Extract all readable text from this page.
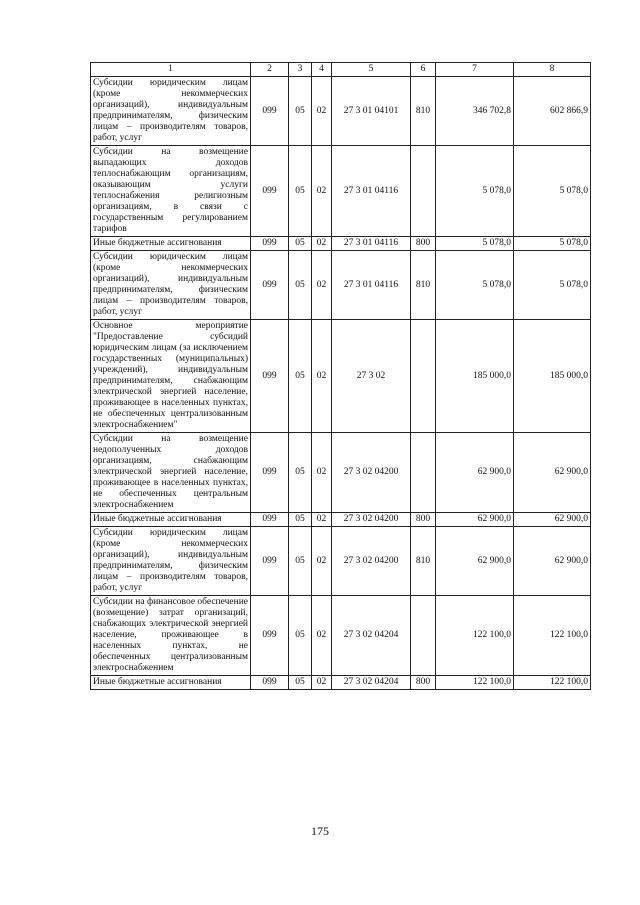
1	2	3	4	5	6	7	8
Субсидии юридическим лицам (кроме некоммерческих организаций), индивидуальным предпринимателям, физическим лицам – производителям товаров, работ, услуг	099	05	02	27 3 01 04101	810	346 702,8	602 866,9
Субсидии на возмещение выпадающих доходов теплоснабжающим организациям, оказывающим услуги теплоснабжения религиозным организациям, в связи с государственным регулированием тарифов	099	05	02	27 3 01 04116		5 078,0	5 078,0
Иные бюджетные ассигнования	099	05	02	27 3 01 04116	800	5 078,0	5 078,0
Субсидии юридическим лицам (кроме некоммерческих организаций), индивидуальным предпринимателям, физическим лицам – производителям товаров, работ, услуг	099	05	02	27 3 01 04116	810	5 078,0	5 078,0
Основное мероприятие "Предоставление субсидий юридическим лицам (за исключением государственных (муниципальных) учреждений), индивидуальным предпринимателям, снабжающим электрической энергией население, проживающее в населенных пунктах, не обеспеченных централизованным электроснабжением"	099	05	02	27 3 02		185 000,0	185 000,0
Субсидии на возмещение недополученных доходов организациям, снабжающим электрической энергией население, проживающее в населенных пунктах, не обеспеченных центральным электроснабжением	099	05	02	27 3 02 04200		62 900,0	62 900,0
Иные бюджетные ассигнования	099	05	02	27 3 02 04200	800	62 900,0	62 900,0
Субсидии юридическим лицам (кроме некоммерческих организаций), индивидуальным предпринимателям, физическим лицам – производителям товаров, работ, услуг	099	05	02	27 3 02 04200	810	62 900,0	62 900,0
Субсидии на финансовое обеспечение (возмещение) затрат организаций, снабжающих электрической энергией население, проживающее в населенных пунктах, не обеспеченных централизованным электроснабжением	099	05	02	27 3 02 04204		122 100,0	122 100,0
Иные бюджетные ассигнования	099	05	02	27 3 02 04204	800	122 100,0	122 100,0
175
